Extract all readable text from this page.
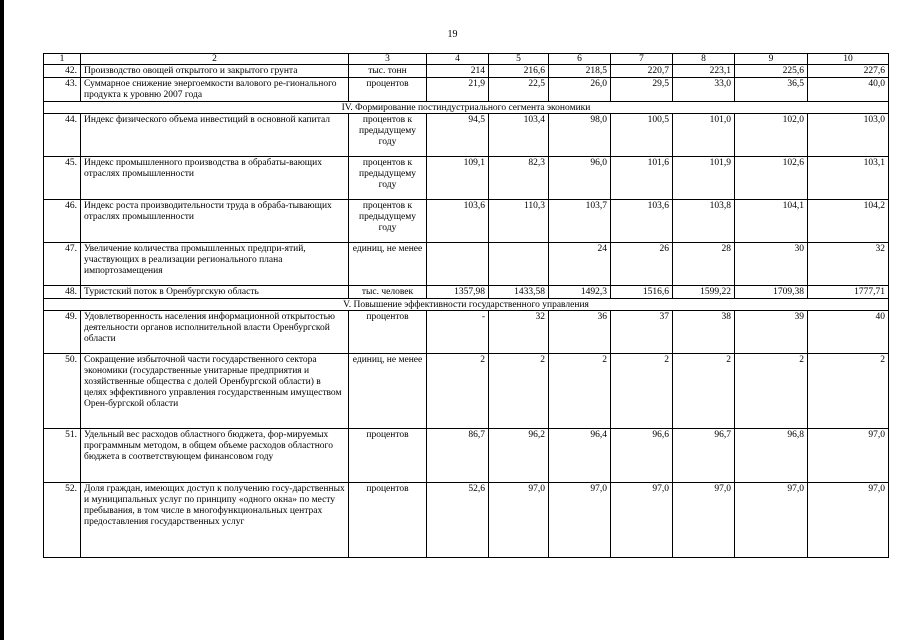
19
1	2	3	4	5	6	7	8	9	10
42.	Производство овощей открытого и закрытого грунта	тыс. тонн	214	216,6	218,5	220,7	223,1	225,6	227,6
43.	Суммарное снижение энергоемкости валового ре-гионального продукта к уровню 2007 года	процентов	21,9	22,5	26,0	29,5	33,0	36,5	40,0
IV. Формирование постиндустриального сегмента экономики									
44.	Индекс физического объема инвестиций в основной капитал	процентов к предыдущему году	94,5	103,4	98,0	100,5	101,0	102,0	103,0
45.	Индекс промышленного производства в обрабаты-вающих отраслях промышленности	процентов к предыдущему году	109,1	82,3	96,0	101,6	101,9	102,6	103,1
46.	Индекс роста производительности труда в обраба-тывающих отраслях промышленности	процентов к предыдущему году	103,6	110,3	103,7	103,6	103,8	104,1	104,2
47.	Увеличение количества промышленных предпри-ятий, участвующих в реализации регионального плана импортозамещения	единиц, не менее			24	26	28	30	32
48.	Туристский поток в Оренбургскую область	тыс. человек	1357,98	1433,58	1492,3	1516,6	1599,22	1709,38	1777,71
V. Повышение эффективности государственного управления									
49.	Удовлетворенность населения информационной открытостью деятельности органов исполнительной власти Оренбургской области	процентов	-	32	36	37	38	39	40
50.	Сокращение избыточной части государственного сектора экономики (государственные унитарные предприятия и хозяйственные общества с долей Оренбургской области) в целях эффективного управления государственным имуществом Орен-бургской области	единиц, не менее	2	2	2	2	2	2	2
51.	Удельный вес расходов областного бюджета, фор-мируемых программным методом, в общем объеме расходов областного бюджета в соответствующем финансовом году	процентов	86,7	96,2	96,4	96,6	96,7	96,8	97,0
52.	Доля граждан, имеющих доступ к получению госу-дарственных и муниципальных услуг по принципу «одного окна» по месту пребывания, в том числе в многофункциональных центрах предоставления государственных услуг	процентов	52,6	97,0	97,0	97,0	97,0	97,0	97,0
